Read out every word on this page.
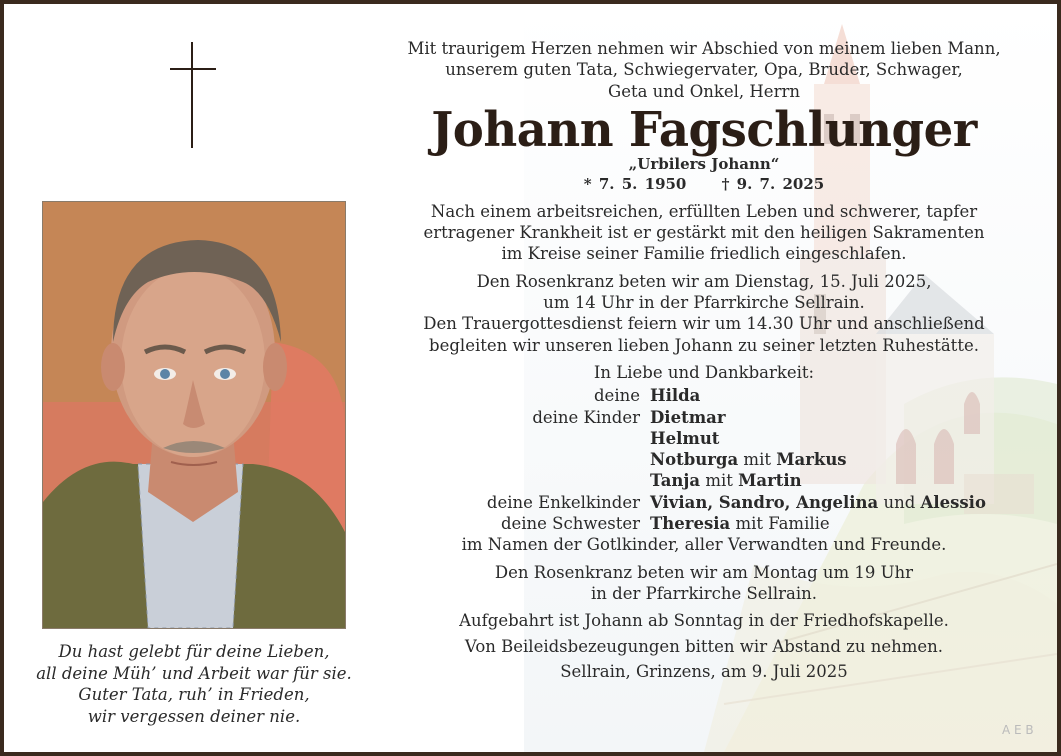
A E B
Du hast gelebt für deine Lieben,
all deine Müh’ und Arbeit war für sie.
Guter Tata, ruh’ in Frieden,
wir vergessen deiner nie.
Mit traurigem Herzen nehmen wir Abschied von meinem lieben Mann,
unserem guten Tata, Schwiegervater, Opa, Bruder, Schwager,
Geta und Onkel, Herrn
Johann Fagschlunger
„Urbilers Johann“
* 7. 5. 1950 † 9. 7. 2025
Nach einem arbeitsreichen, erfüllten Leben und schwerer, tapfer
ertragener Krankheit ist er gestärkt mit den heiligen Sakramenten
im Kreise seiner Familie friedlich eingeschlafen.
Den Rosenkranz beten wir am Dienstag, 15. Juli 2025,
um 14 Uhr in der Pfarrkirche Sellrain.
Den Trauergottesdienst feiern wir um 14.30 Uhr und anschließend
begleiten wir unseren lieben Johann zu seiner letzten Ruhestätte.
In Liebe und Dankbarkeit:
deine Hilda
deine Kinder Dietmar
Helmut
Notburga mit Markus
Tanja mit Martin
deine Enkelkinder Vivian, Sandro, Angelina und Alessio
deine Schwester Theresia mit Familie
im Namen der Gotlkinder, aller Verwandten und Freunde.
Den Rosenkranz beten wir am Montag um 19 Uhr
in der Pfarrkirche Sellrain.
Aufgebahrt ist Johann ab Sonntag in der Friedhofskapelle.
Von Beileidsbezeugungen bitten wir Abstand zu nehmen.
Sellrain, Grinzens, am 9. Juli 2025
